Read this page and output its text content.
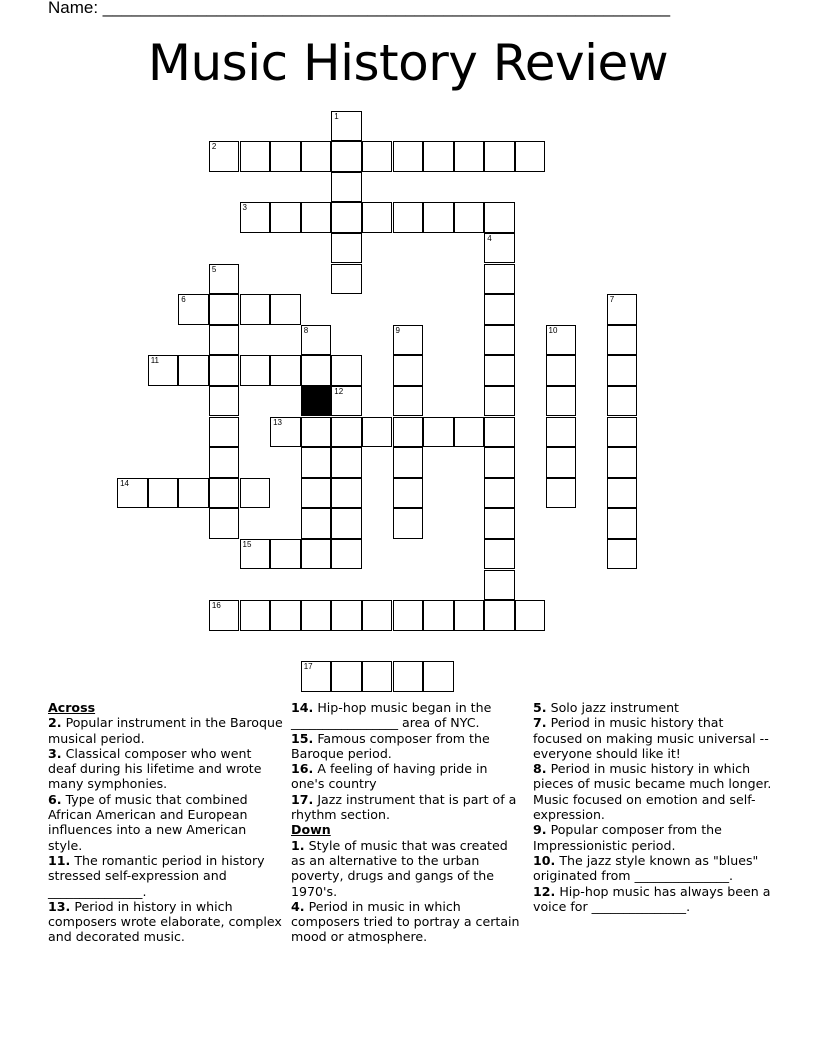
Name: ____________________________________________________________
Music History Review
1
2
3
4
5
6	7
8	9	10
11
12
13
14
15
16
17
Across
2. Popular instrument in the Baroque musical period.
3. Classical composer who went deaf during his lifetime and wrote many symphonies.
6. Type of music that combined African American and European influences into a new American style.
11. The romantic period in history stressed self-expression and _______________.
13. Period in history in which composers wrote elaborate, complex and decorated music.
14. Hip-hop music began in the _________________ area of NYC.
15. Famous composer from the Baroque period.
16. A feeling of having pride in one's country
17. Jazz instrument that is part of a rhythm section.
Down
1. Style of music that was created as an alternative to the urban poverty, drugs and gangs of the 1970's.
4. Period in music in which composers tried to portray a certain mood or atmosphere.
5. Solo jazz instrument
7. Period in music history that focused on making music universal -- everyone should like it!
8. Period in music history in which pieces of music became much longer. Music focused on emotion and self-expression.
9. Popular composer from the Impressionistic period.
10. The jazz style known as "blues" originated from _______________.
12. Hip-hop music has always been a voice for _______________.
